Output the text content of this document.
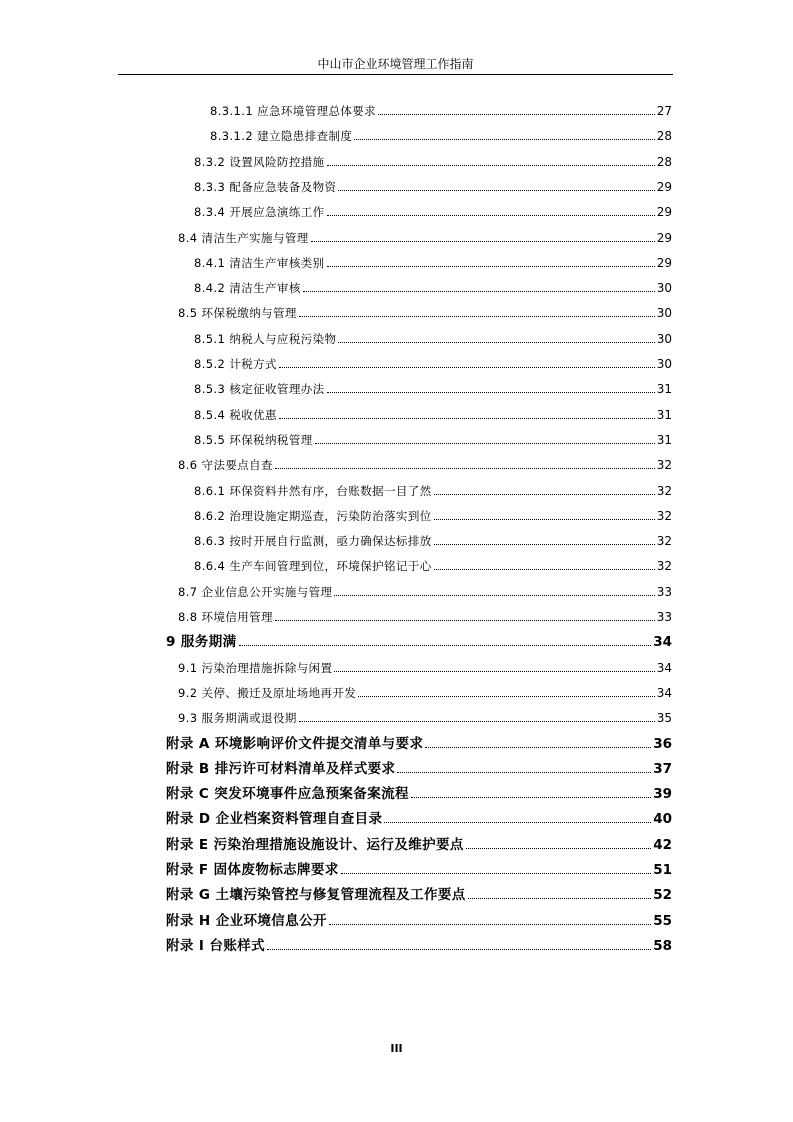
中山市企业环境管理工作指南
8.3.1.1 应急环境管理总体要求	27
8.3.1.2 建立隐患排查制度	28
8.3.2 设置风险防控措施	28
8.3.3 配备应急装备及物资	29
8.3.4 开展应急演练工作	29
8.4 清洁生产实施与管理	29
8.4.1 清洁生产审核类别	29
8.4.2 清洁生产审核	30
8.5 环保税缴纳与管理	30
8.5.1 纳税人与应税污染物	30
8.5.2 计税方式	30
8.5.3 核定征收管理办法	31
8.5.4 税收优惠	31
8.5.5 环保税纳税管理	31
8.6 守法要点自查	32
8.6.1 环保资料井然有序，台账数据一目了然	32
8.6.2 治理设施定期巡查，污染防治落实到位	32
8.6.3 按时开展自行监测，亟力确保达标排放	32
8.6.4 生产车间管理到位，环境保护铭记于心	32
8.7 企业信息公开实施与管理	33
8.8 环境信用管理	33
9 服务期满	34
9.1 污染治理措施拆除与闲置	34
9.2 关停、搬迁及原址场地再开发	34
9.3 服务期满或退役期	35
附录 A 环境影响评价文件提交清单与要求	36
附录 B 排污许可材料清单及样式要求	37
附录 C 突发环境事件应急预案备案流程	39
附录 D 企业档案资料管理自查目录	40
附录 E 污染治理措施设施设计、运行及维护要点	42
附录 F 固体废物标志牌要求	51
附录 G 土壤污染管控与修复管理流程及工作要点	52
附录 H 企业环境信息公开	55
附录 I 台账样式	58
III
